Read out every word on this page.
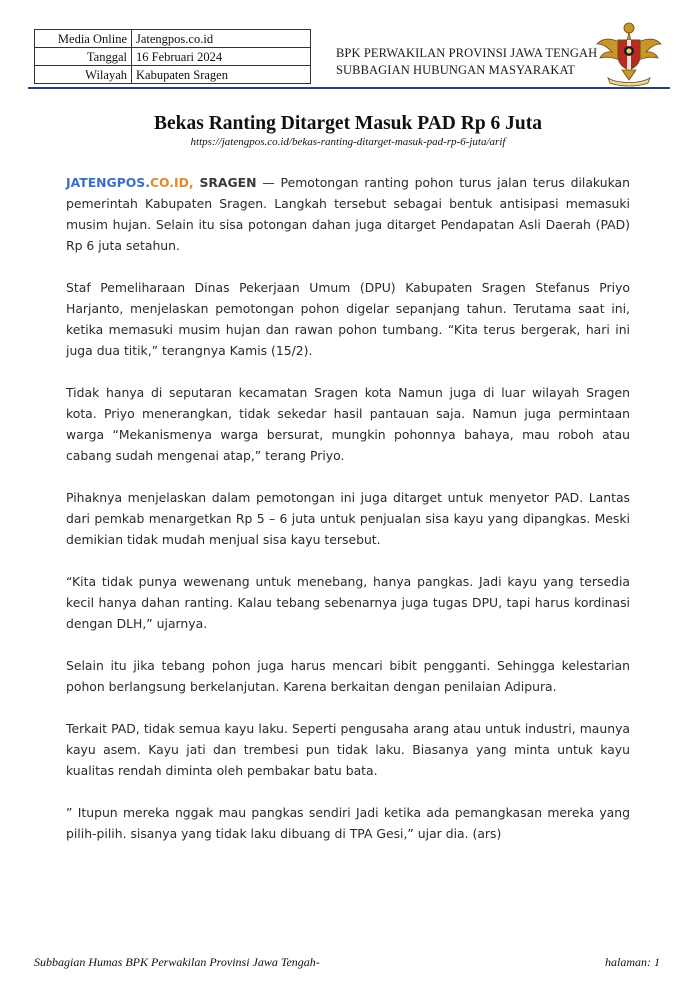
Media Online	Jatengpos.co.id
Tanggal	16 Februari 2024
Wilayah	Kabupaten Sragen
BPK PERWAKILAN PROVINSI JAWA TENGAH
SUBBAGIAN HUBUNGAN MASYARAKAT
Bekas Ranting Ditarget Masuk PAD Rp 6 Juta
https://jatengpos.co.id/bekas-ranting-ditarget-masuk-pad-rp-6-juta/arif

JATENGPOS.CO.ID, SRAGEN — Pemotongan ranting pohon turus jalan terus dilakukan pemerintah Kabupaten Sragen. Langkah tersebut sebagai bentuk antisipasi memasuki musim hujan. Selain itu sisa potongan dahan juga ditarget Pendapatan Asli Daerah (PAD) Rp 6 juta setahun.

Staf Pemeliharaan Dinas Pekerjaan Umum (DPU) Kabupaten Sragen Stefanus Priyo Harjanto, menjelaskan pemotongan pohon digelar sepanjang tahun. Terutama saat ini, ketika memasuki musim hujan dan rawan pohon tumbang. “Kita terus bergerak, hari ini juga dua titik,” terangnya Kamis (15/2).

Tidak hanya di seputaran kecamatan Sragen kota Namun juga di luar wilayah Sragen kota. Priyo menerangkan, tidak sekedar hasil pantauan saja. Namun juga permintaan warga “Mekanismenya warga bersurat, mungkin pohonnya bahaya, mau roboh atau cabang sudah mengenai atap,” terang Priyo.

Pihaknya menjelaskan dalam pemotongan ini juga ditarget untuk menyetor PAD. Lantas dari pemkab menargetkan Rp 5 – 6 juta untuk penjualan sisa kayu yang dipangkas. Meski demikian tidak mudah menjual sisa kayu tersebut.

“Kita tidak punya wewenang untuk menebang, hanya pangkas. Jadi kayu yang tersedia kecil hanya dahan ranting. Kalau tebang sebenarnya juga tugas DPU, tapi harus kordinasi dengan DLH,” ujarnya.

Selain itu jika tebang pohon juga harus mencari bibit pengganti. Sehingga kelestarian pohon berlangsung berkelanjutan. Karena berkaitan dengan penilaian Adipura.

Terkait PAD, tidak semua kayu laku. Seperti pengusaha arang atau untuk industri, maunya kayu asem. Kayu jati dan trembesi pun tidak laku. Biasanya yang minta untuk kayu kualitas rendah diminta oleh pembakar batu bata.

” Itupun mereka nggak mau pangkas sendiri Jadi ketika ada pemangkasan mereka yang pilih-pilih. sisanya yang tidak laku dibuang di TPA Gesi,” ujar dia. (ars)

Subbagian Humas BPK Perwakilan Provinsi Jawa Tengah-	halaman: 1
